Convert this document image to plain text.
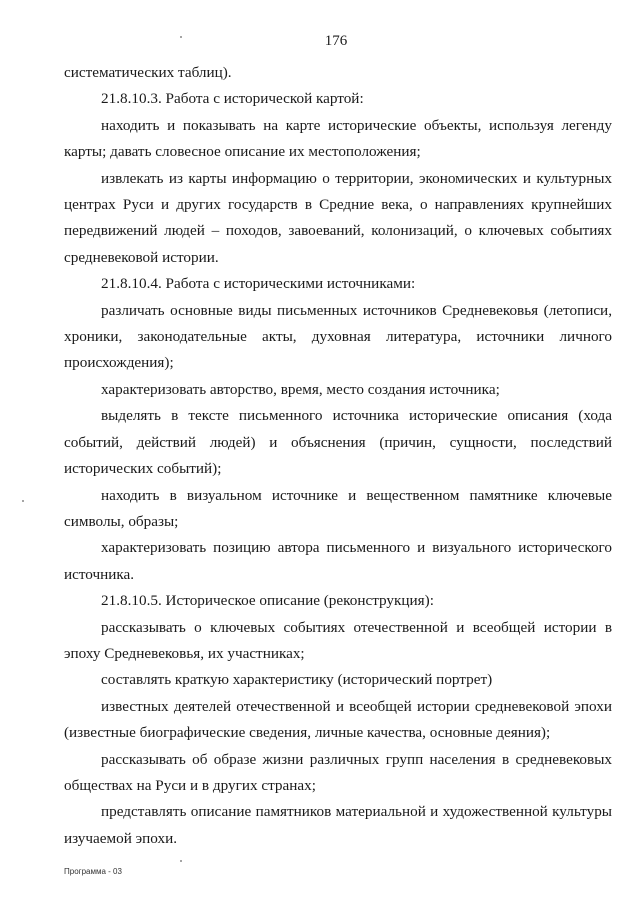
176

систематических таблиц).

21.8.10.3. Работа с исторической картой:

находить и показывать на карте исторические объекты, используя легенду карты; давать словесное описание их местоположения;

извлекать из карты информацию о территории, экономических и культурных центрах Руси и других государств в Средние века, о направлениях крупнейших передвижений людей – походов, завоеваний, колонизаций, о ключевых событиях средневековой истории.

21.8.10.4. Работа с историческими источниками:

различать основные виды письменных источников Средневековья (летописи, хроники, законодательные акты, духовная литература, источники личного происхождения);

характеризовать авторство, время, место создания источника;

выделять в тексте письменного источника исторические описания (хода событий, действий людей) и объяснения (причин, сущности, последствий исторических событий);

находить в визуальном источнике и вещественном памятнике ключевые символы, образы;

характеризовать позицию автора письменного и визуального исторического источника.

21.8.10.5. Историческое описание (реконструкция):

рассказывать о ключевых событиях отечественной и всеобщей истории в эпоху Средневековья, их участниках;

составлять краткую характеристику (исторический портрет)

известных деятелей отечественной и всеобщей истории средневековой эпохи (известные биографические сведения, личные качества, основные деяния);

рассказывать об образе жизни различных групп населения в средневековых обществах на Руси и в других странах;

представлять описание памятников материальной и художественной культуры изучаемой эпохи.

Программа - 03
